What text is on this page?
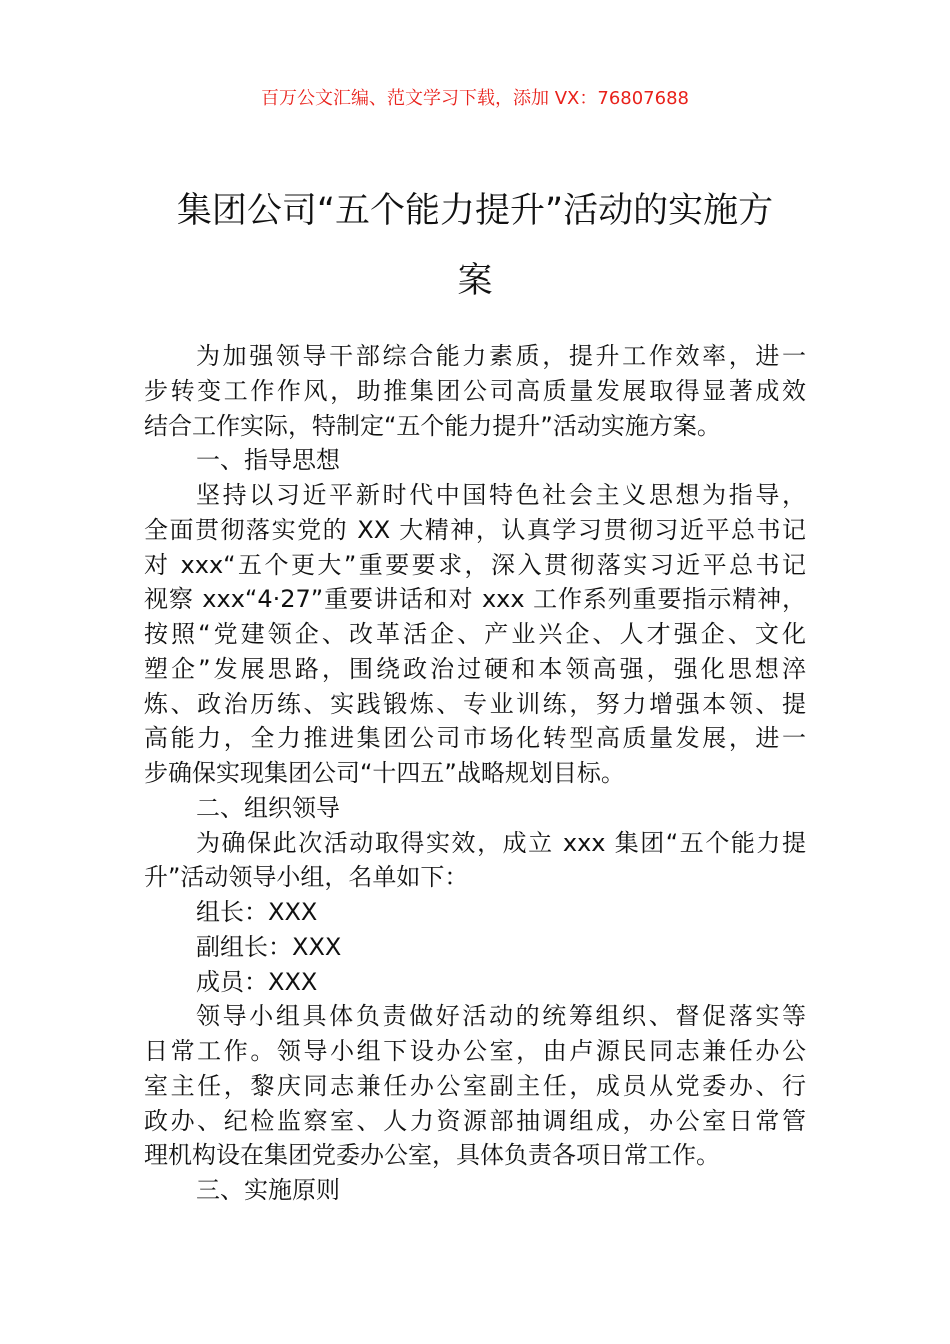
百万公文汇编、范文学习下载，添加 VX：76807688
集团公司“五个能力提升”活动的实施方
案
为加强领导干部综合能力素质，提升工作效率，进一
步转变工作作风，助推集团公司高质量发展取得显著成效
结合工作实际，特制定“五个能力提升”活动实施方案。
一、指导思想
坚持以习近平新时代中国特色社会主义思想为指导，
全面贯彻落实党的 XX 大精神，认真学习贯彻习近平总书记
对 xxx“五个更大”重要要求，深入贯彻落实习近平总书记
视察 xxx“4·27”重要讲话和对 xxx 工作系列重要指示精神，
按照“党建领企、改革活企、产业兴企、人才强企、文化
塑企”发展思路，围绕政治过硬和本领高强，强化思想淬
炼、政治历练、实践锻炼、专业训练，努力增强本领、提
高能力，全力推进集团公司市场化转型高质量发展，进一
步确保实现集团公司“十四五”战略规划目标。
二、组织领导
为确保此次活动取得实效，成立 xxx 集团“五个能力提
升”活动领导小组，名单如下：
组长：XXX
副组长：XXX
成员：XXX
领导小组具体负责做好活动的统筹组织、督促落实等
日常工作。领导小组下设办公室，由卢源民同志兼任办公
室主任，黎庆同志兼任办公室副主任，成员从党委办、行
政办、纪检监察室、人力资源部抽调组成，办公室日常管
理机构设在集团党委办公室，具体负责各项日常工作。
三、实施原则
